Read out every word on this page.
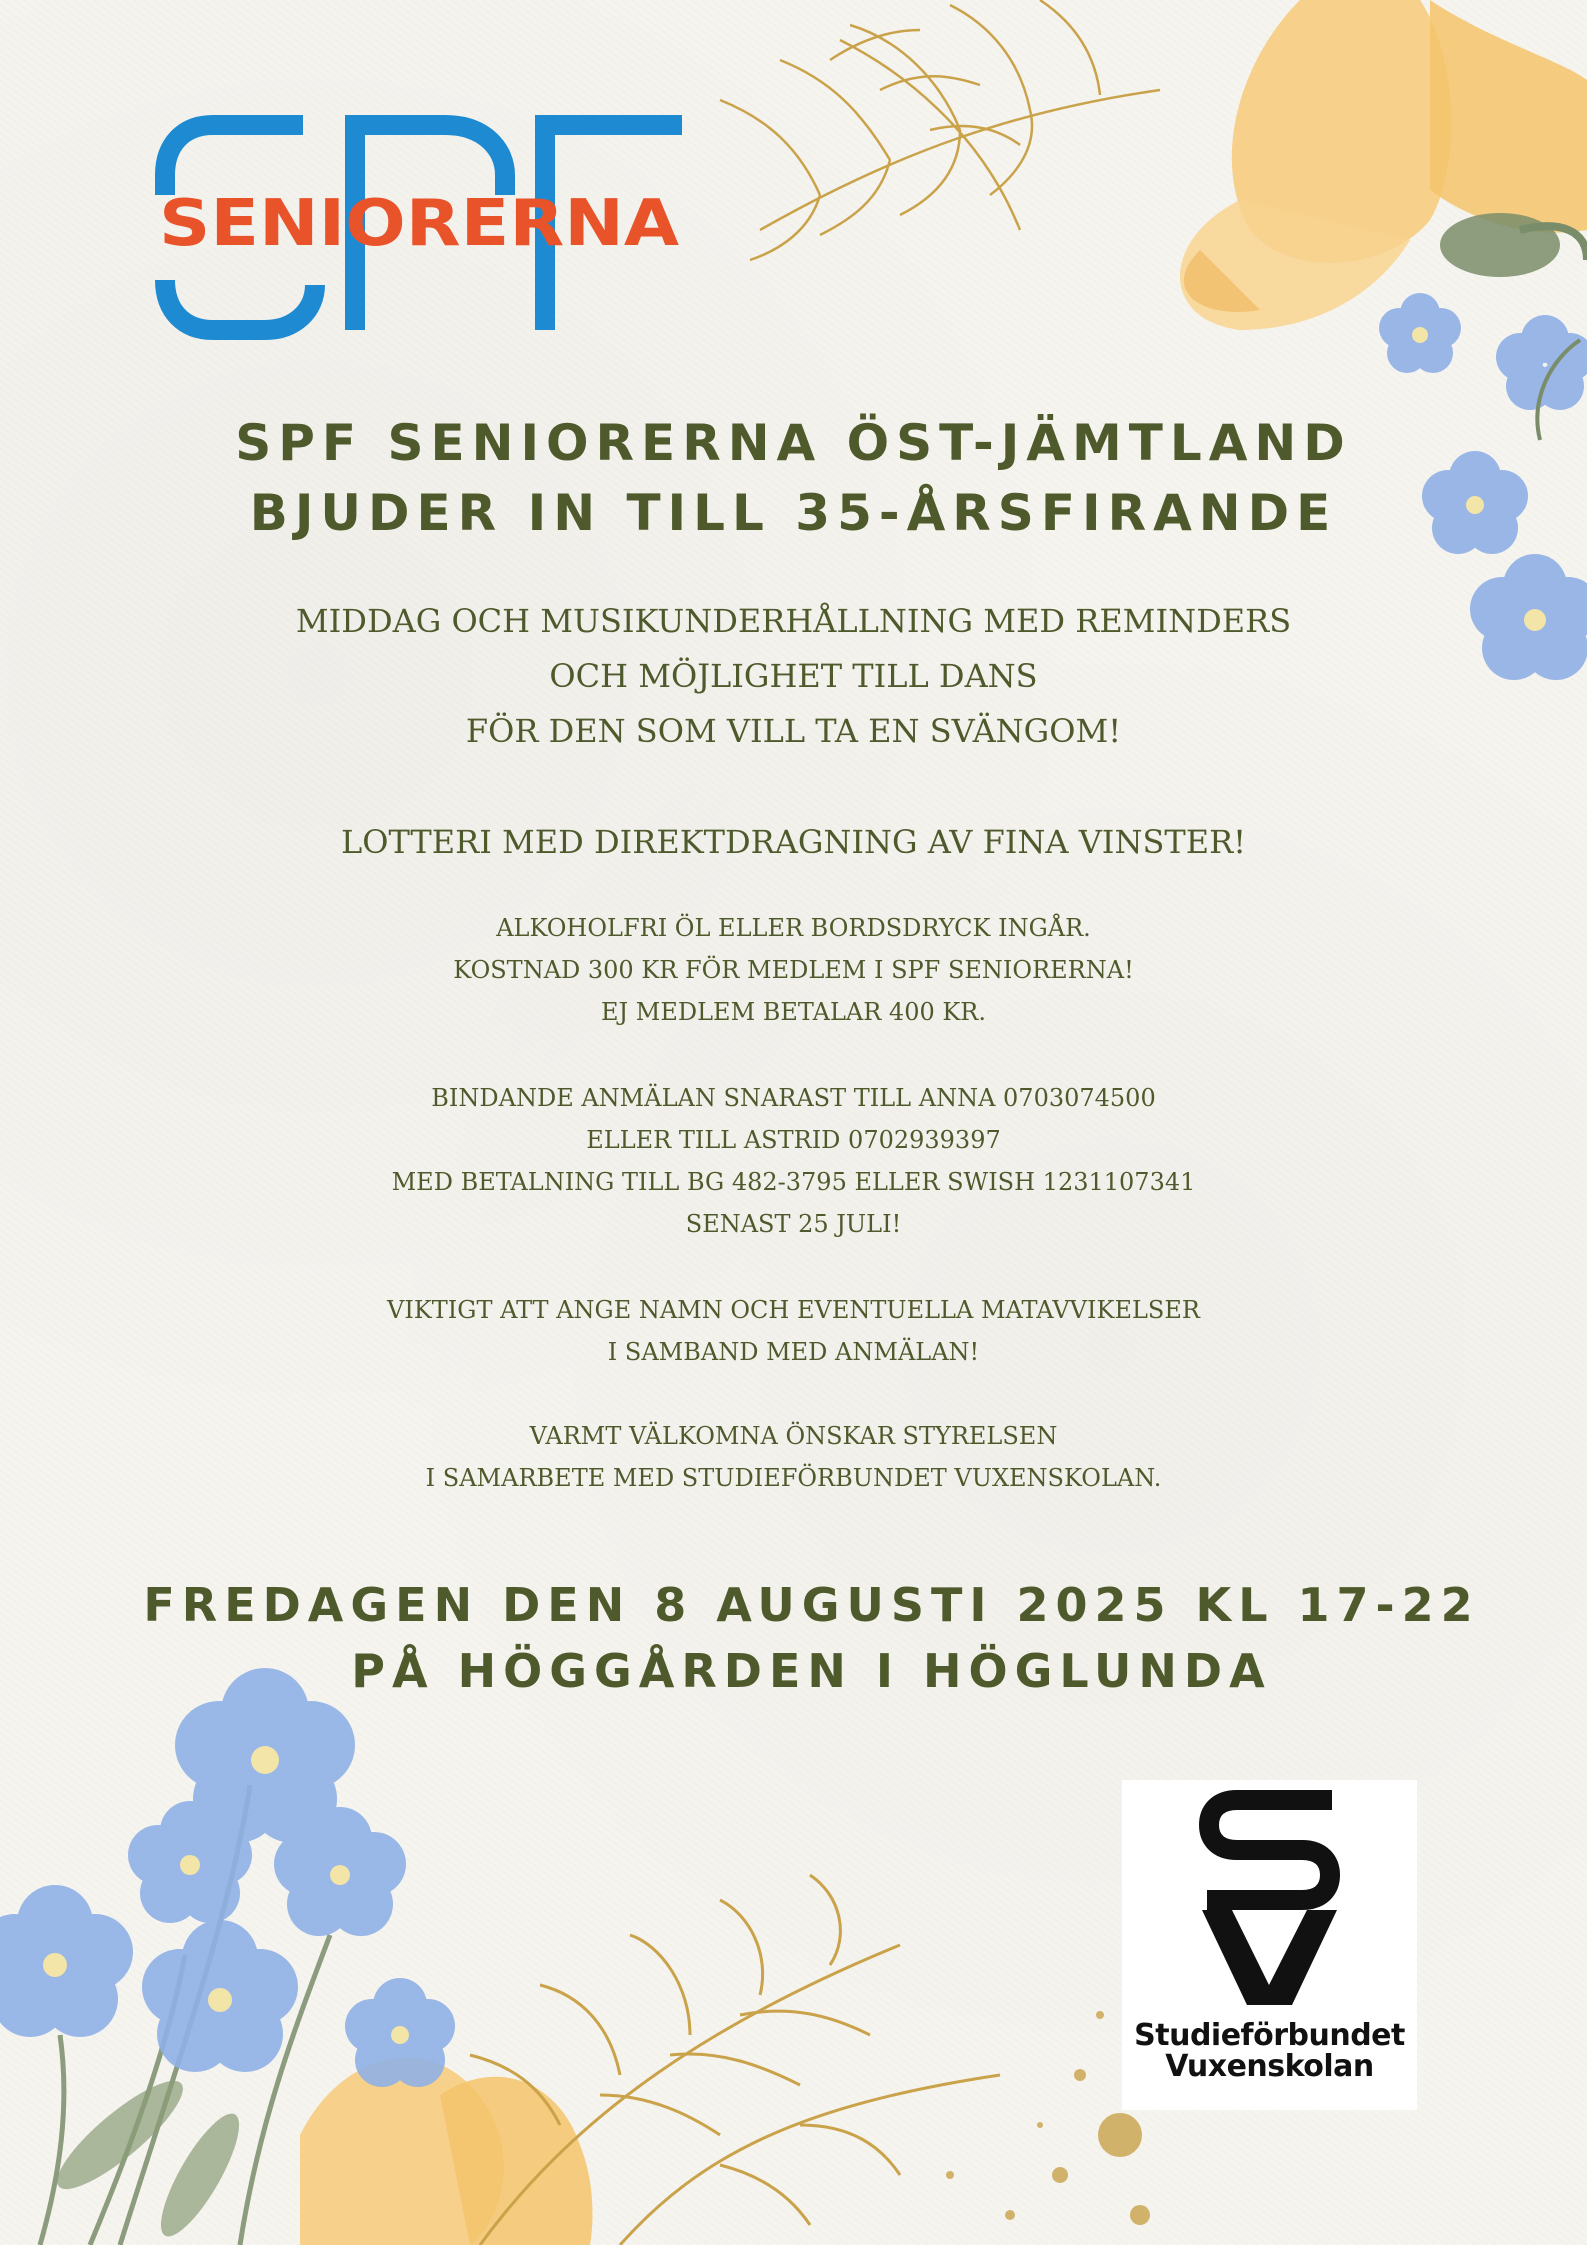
SENIORERNA
SPF SENIORERNA ÖST-JÄMTLAND
BJUDER IN TILL 35-ÅRSFIRANDE

MIDDAG OCH MUSIKUNDERHÅLLNING MED REMINDERS
OCH MÖJLIGHET TILL DANS
FÖR DEN SOM VILL TA EN SVÄNGOM!

LOTTERI MED DIREKTDRAGNING AV FINA VINSTER!

ALKOHOLFRI ÖL ELLER BORDSDRYCK INGÅR.
KOSTNAD 300 KR FÖR MEDLEM I SPF SENIORERNA!
EJ MEDLEM BETALAR 400 KR.

BINDANDE ANMÄLAN SNARAST TILL ANNA 0703074500
ELLER TILL ASTRID 0702939397
MED BETALNING TILL BG 482-3795 ELLER SWISH 1231107341
SENAST 25 JULI!

VIKTIGT ATT ANGE NAMN OCH EVENTUELLA MATAVVIKELSER
I SAMBAND MED ANMÄLAN!

VARMT VÄLKOMNA ÖNSKAR STYRELSEN
I SAMARBETE MED STUDIEFÖRBUNDET VUXENSKOLAN.

FREDAGEN DEN 8 AUGUSTI 2025 KL 17-22
PÅ HÖGGÅRDEN I HÖGLUNDA
Studieförbundet
Vuxenskolan
